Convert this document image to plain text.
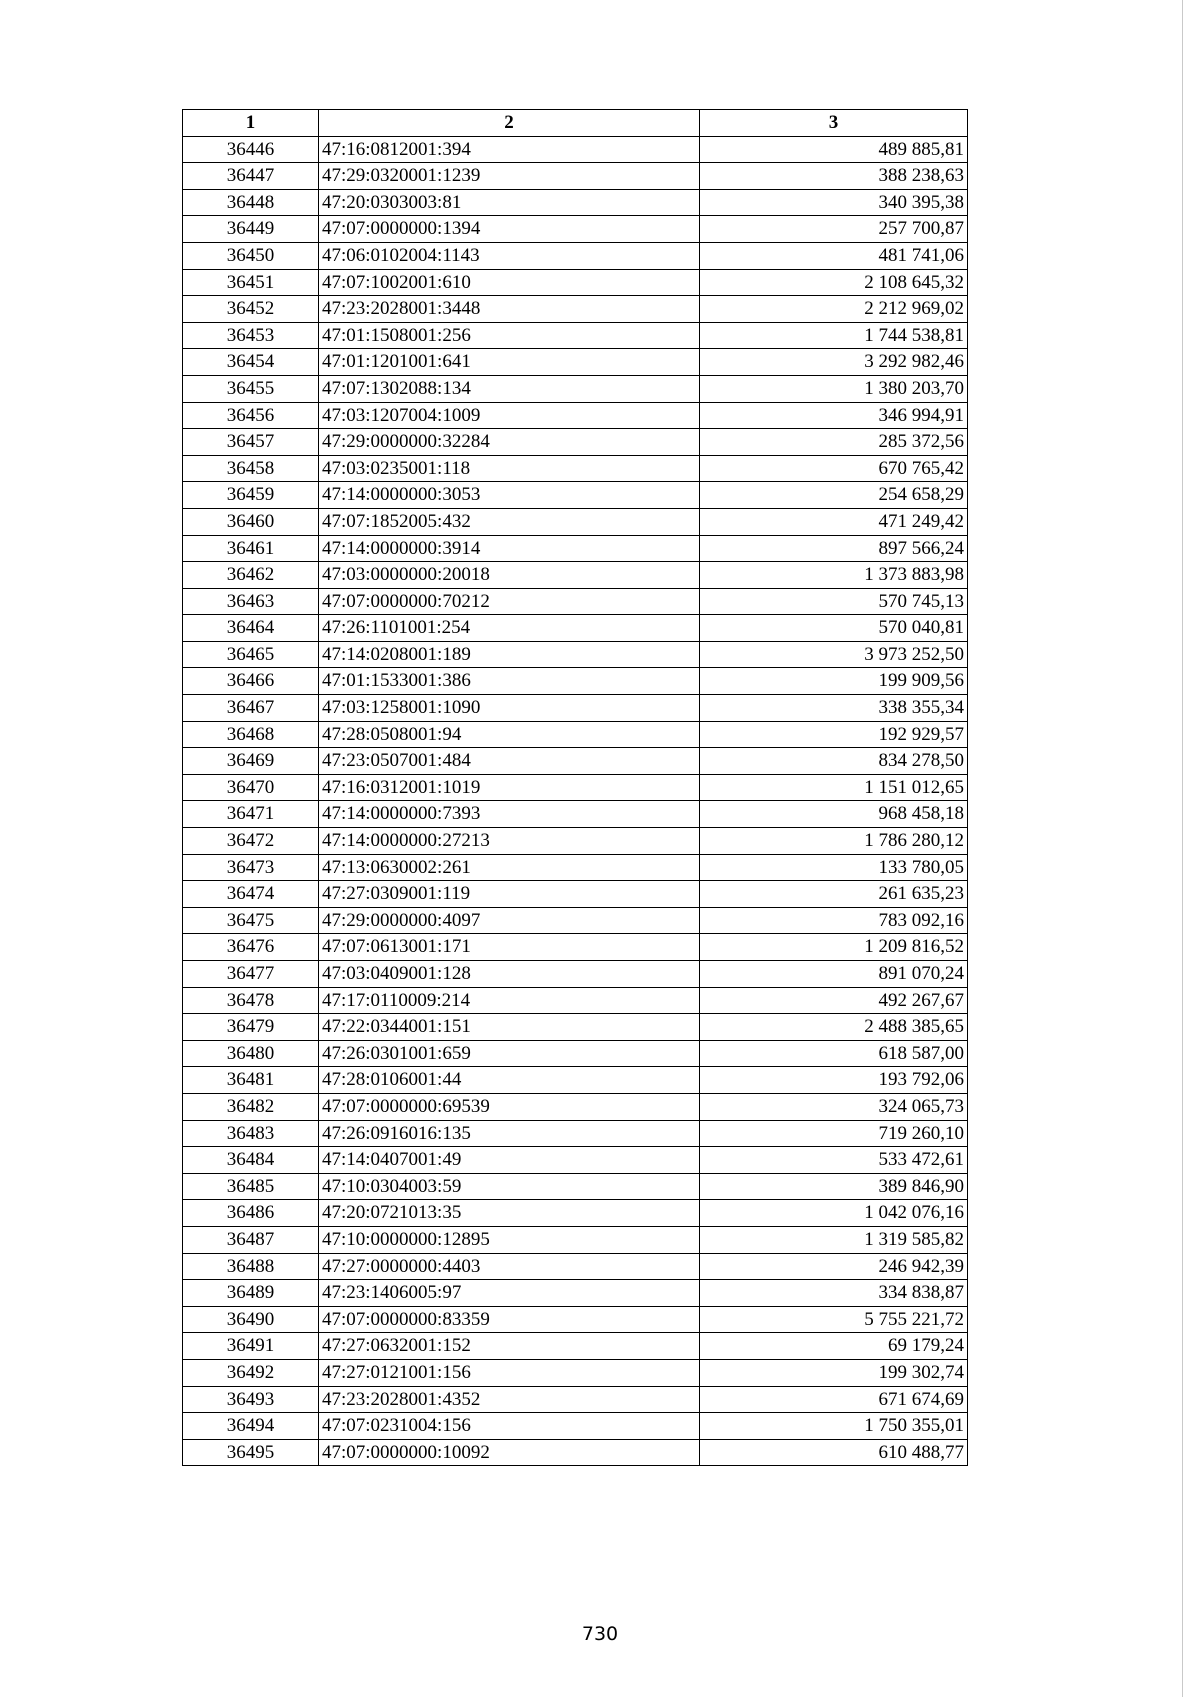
1	2	3
36446	47:16:0812001:394	489 885,81
36447	47:29:0320001:1239	388 238,63
36448	47:20:0303003:81	340 395,38
36449	47:07:0000000:1394	257 700,87
36450	47:06:0102004:1143	481 741,06
36451	47:07:1002001:610	2 108 645,32
36452	47:23:2028001:3448	2 212 969,02
36453	47:01:1508001:256	1 744 538,81
36454	47:01:1201001:641	3 292 982,46
36455	47:07:1302088:134	1 380 203,70
36456	47:03:1207004:1009	346 994,91
36457	47:29:0000000:32284	285 372,56
36458	47:03:0235001:118	670 765,42
36459	47:14:0000000:3053	254 658,29
36460	47:07:1852005:432	471 249,42
36461	47:14:0000000:3914	897 566,24
36462	47:03:0000000:20018	1 373 883,98
36463	47:07:0000000:70212	570 745,13
36464	47:26:1101001:254	570 040,81
36465	47:14:0208001:189	3 973 252,50
36466	47:01:1533001:386	199 909,56
36467	47:03:1258001:1090	338 355,34
36468	47:28:0508001:94	192 929,57
36469	47:23:0507001:484	834 278,50
36470	47:16:0312001:1019	1 151 012,65
36471	47:14:0000000:7393	968 458,18
36472	47:14:0000000:27213	1 786 280,12
36473	47:13:0630002:261	133 780,05
36474	47:27:0309001:119	261 635,23
36475	47:29:0000000:4097	783 092,16
36476	47:07:0613001:171	1 209 816,52
36477	47:03:0409001:128	891 070,24
36478	47:17:0110009:214	492 267,67
36479	47:22:0344001:151	2 488 385,65
36480	47:26:0301001:659	618 587,00
36481	47:28:0106001:44	193 792,06
36482	47:07:0000000:69539	324 065,73
36483	47:26:0916016:135	719 260,10
36484	47:14:0407001:49	533 472,61
36485	47:10:0304003:59	389 846,90
36486	47:20:0721013:35	1 042 076,16
36487	47:10:0000000:12895	1 319 585,82
36488	47:27:0000000:4403	246 942,39
36489	47:23:1406005:97	334 838,87
36490	47:07:0000000:83359	5 755 221,72
36491	47:27:0632001:152	69 179,24
36492	47:27:0121001:156	199 302,74
36493	47:23:2028001:4352	671 674,69
36494	47:07:0231004:156	1 750 355,01
36495	47:07:0000000:10092	610 488,77
730
